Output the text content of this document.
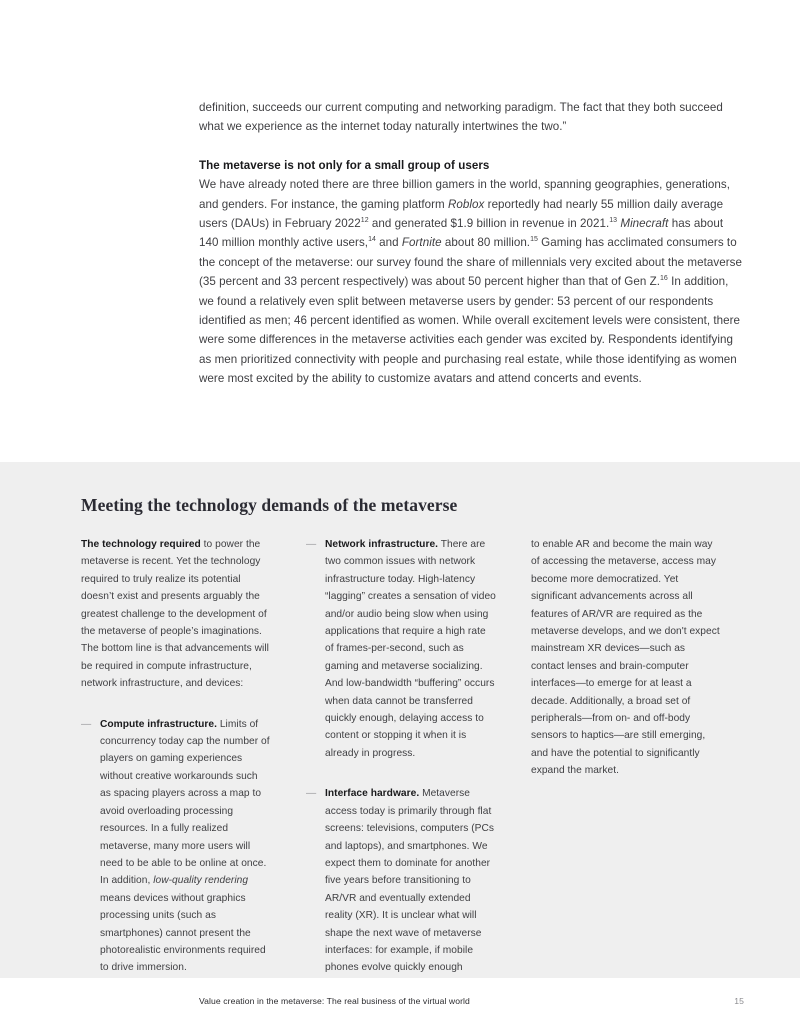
definition, succeeds our current computing and networking paradigm. The fact that they both succeed what we experience as the internet today naturally intertwines the two.”

The metaverse is not only for a small group of users

We have already noted there are three billion gamers in the world, spanning geographies, generations, and genders. For instance, the gaming platform Roblox reportedly had nearly 55 million daily average users (DAUs) in February 2022$^{12}$ and generated $1.9 billion in revenue in 2021.13 Minecraft has about 140 million monthly active users,$^{14}$ and Fortnite about 80 million.$^{15}$ Gaming has acclimated consumers to the concept of the metaverse: our survey found the share of millennials very excited about the metaverse (35 percent and 33 percent respectively) was about 50 percent higher than that of Gen Z.$^{16}$ In addition, we found a relatively even split between metaverse users by gender: 53 percent of our respondents identified as men; 46 percent identified as women. While overall excitement levels were consistent, there were some differences in the metaverse activities each gender was excited by. Respondents identifying as men prioritized connectivity with people and purchasing real estate, while those identifying as women were most excited by the ability to customize avatars and attend concerts and events.

Meeting the technology demands of the metaverse

The technology required to power the metaverse is recent. Yet the technology required to truly realize its potential doesn’t exist and presents arguably the greatest challenge to the development of the metaverse of people’s imaginations. The bottom line is that advancements will be required in compute infrastructure, network infrastructure, and devices:

— Compute infrastructure. Limits of concurrency today cap the number of players on gaming experiences without creative workarounds such as spacing players across a map to avoid overloading processing resources. In a fully realized metaverse, many more users will need to be able to be online at once. In addition, low-quality rendering means devices without graphics processing units (such as smartphones) cannot present the photorealistic environments required to drive immersion.

— Network infrastructure. There are two common issues with network infrastructure today. High-latency “lagging” creates a sensation of video and/or audio being slow when using applications that require a high rate of frames-per-second, such as gaming and metaverse socializing. And low-bandwidth “buffering” occurs when data cannot be transferred quickly enough, delaying access to content or stopping it when it is already in progress.

— Interface hardware. Metaverse access today is primarily through flat screens: televisions, computers (PCs and laptops), and smartphones. We expect them to dominate for another five years before transitioning to AR/VR and eventually extended reality (XR). It is unclear what will shape the next wave of metaverse interfaces: for example, if mobile phones evolve quickly enough

to enable AR and become the main way of accessing the metaverse, access may become more democratized. Yet significant advancements across all features of AR/VR are required as the metaverse develops, and we don't expect mainstream XR devices—such as contact lenses and brain-computer interfaces—to emerge for at least a decade. Additionally, a broad set of peripherals—from on- and off-body sensors to haptics—are still emerging, and have the potential to significantly expand the market.

Value creation in the metaverse: The real business of the virtual world	15
